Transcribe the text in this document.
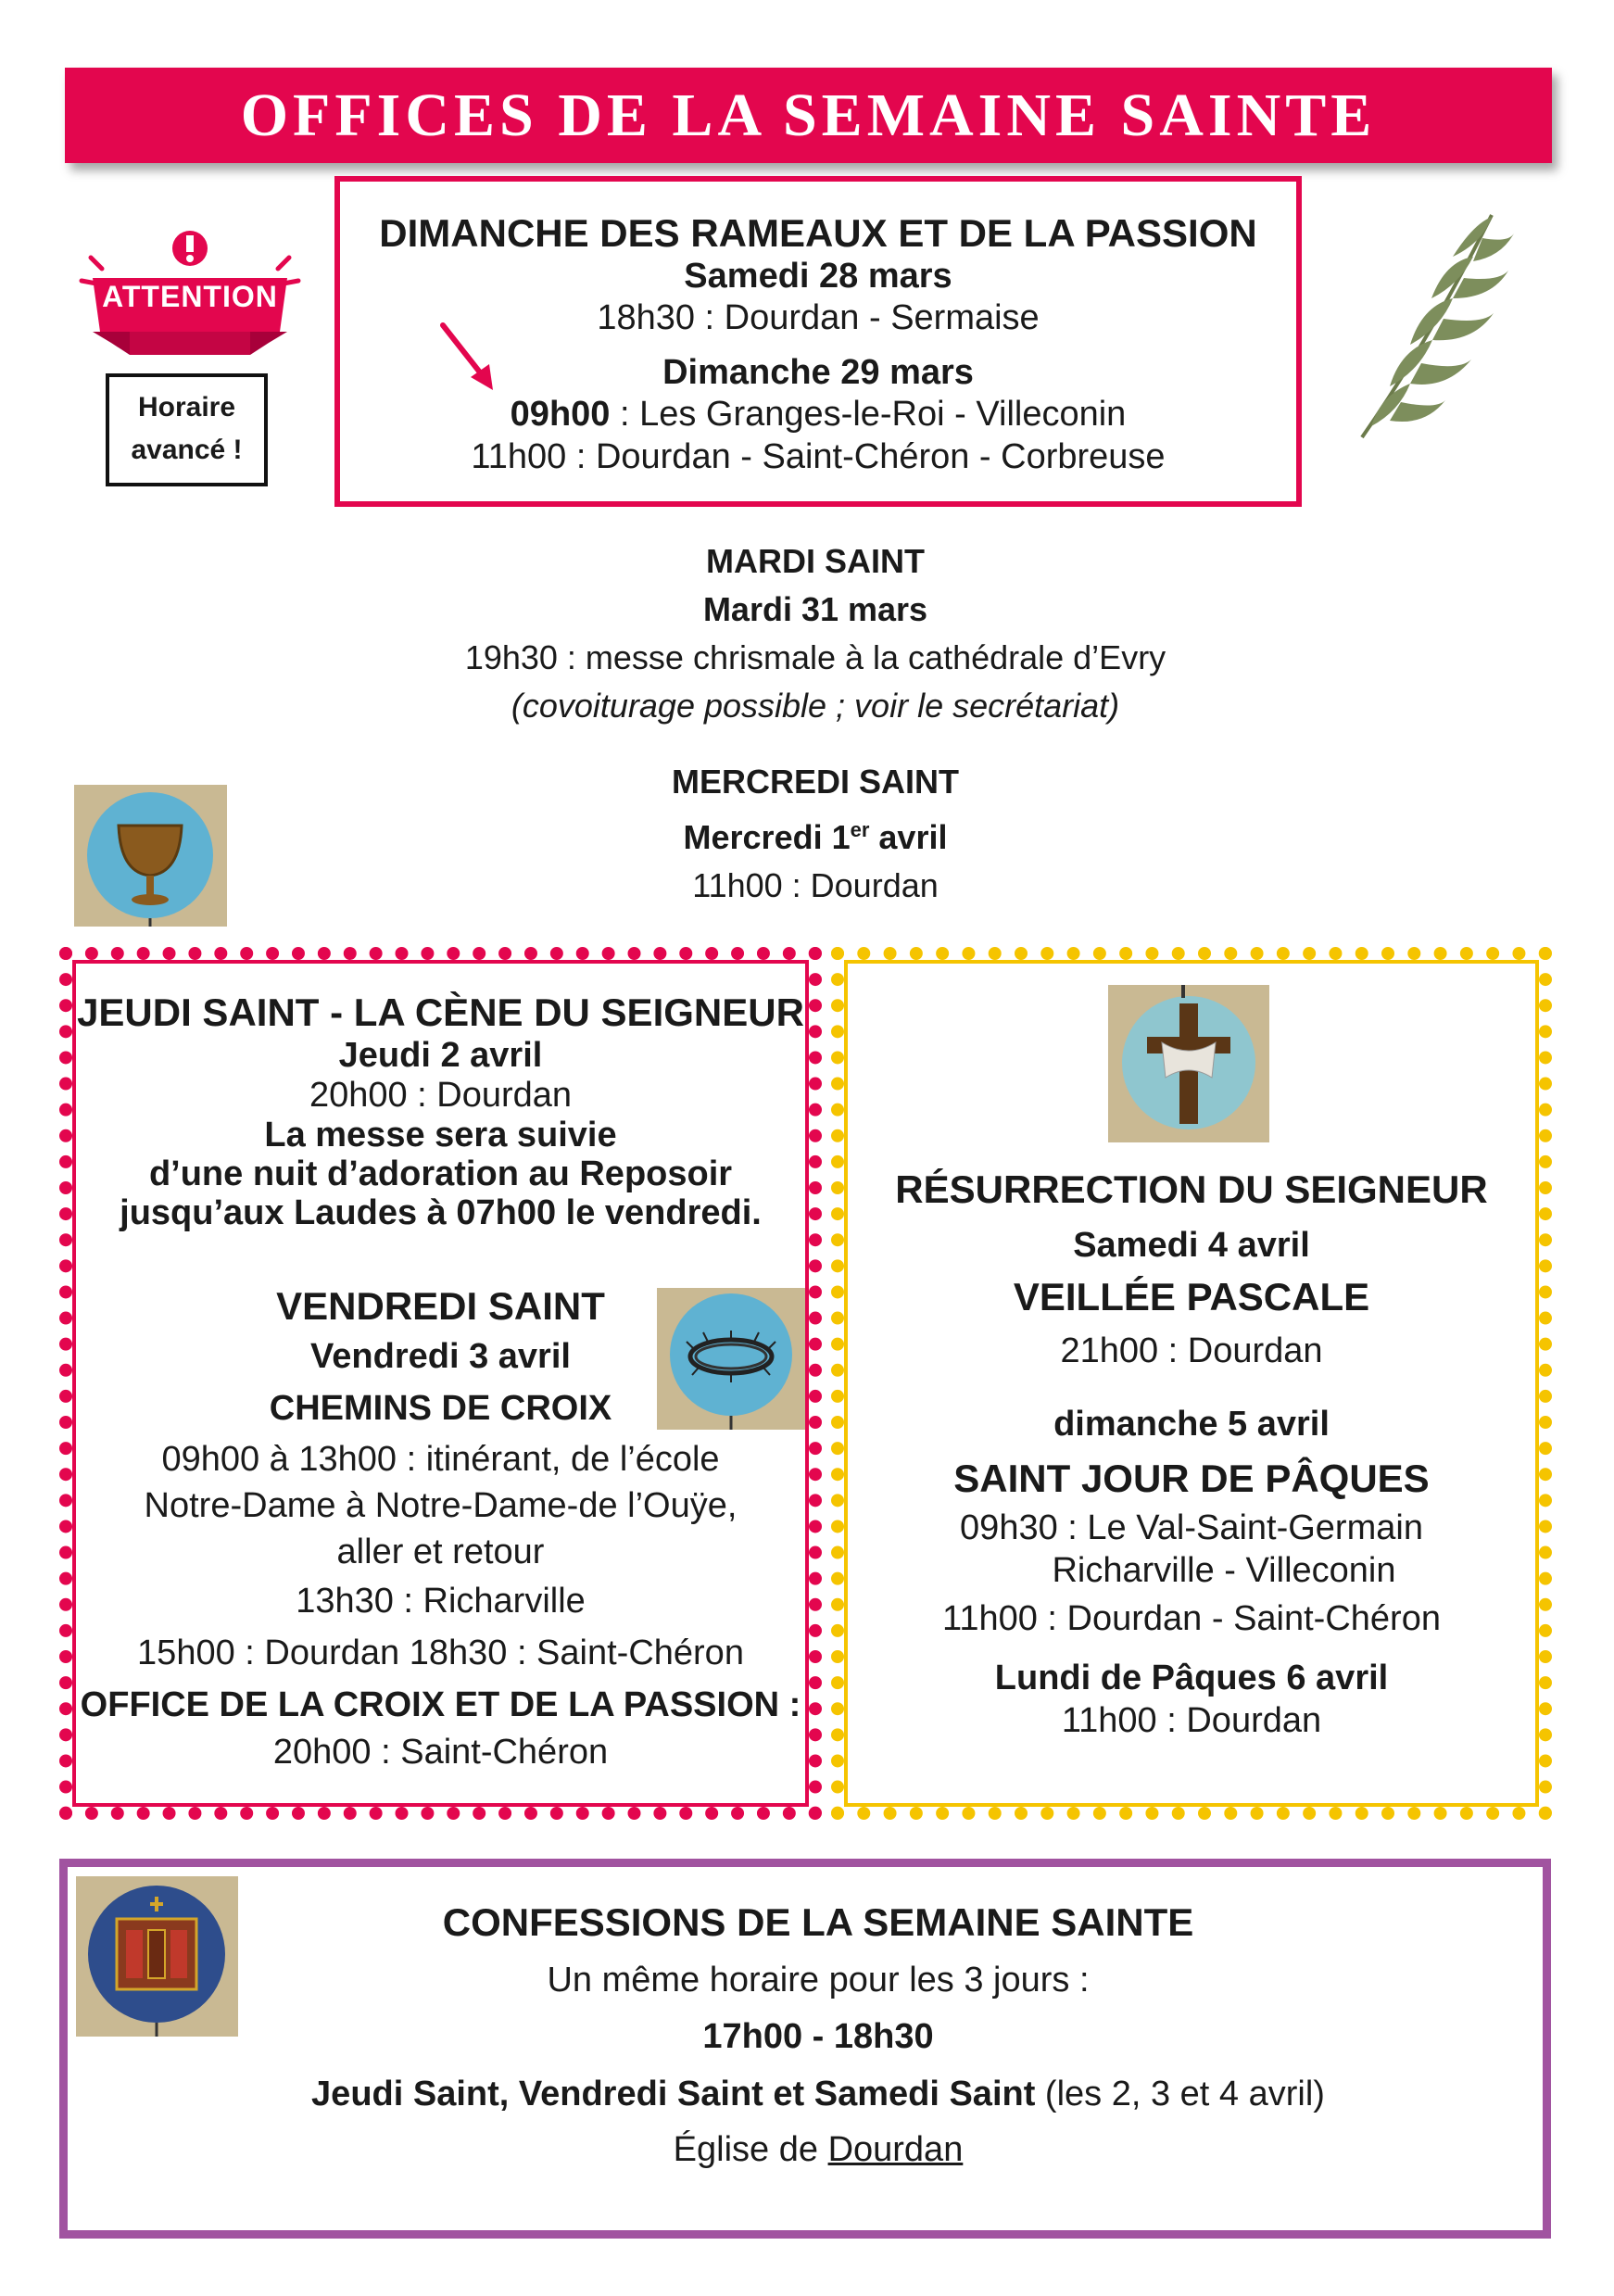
OFFICES DE LA SEMAINE SAINTE
ATTENTION
Horaire
avancé !
DIMANCHE DES RAMEAUX ET DE LA PASSION
Samedi 28 mars
18h30 : Dourdan - Sermaise
Dimanche 29 mars
09h00 : Les Granges-le-Roi - Villeconin
11h00 : Dourdan - Saint-Chéron - Corbreuse
MARDI SAINT
Mardi 31 mars
19h30 : messe chrismale à la cathédrale d’Evry
(covoiturage possible ; voir le secrétariat)
MERCREDI SAINT
Mercredi 1er avril
11h00 : Dourdan
JEUDI SAINT - LA CÈNE DU SEIGNEUR
Jeudi 2 avril
20h00 : Dourdan
La messe sera suivie
d’une nuit d’adoration au Reposoir
jusqu’aux Laudes à 07h00 le vendredi.
VENDREDI SAINT
Vendredi 3 avril
CHEMINS DE CROIX
09h00 à 13h00 : itinérant, de l’école
Notre-Dame à Notre-Dame-de l’Ouÿe,
aller et retour
13h30 : Richarville
15h00 : Dourdan 18h30 : Saint-Chéron
OFFICE DE LA CROIX ET DE LA PASSION :
20h00 : Saint-Chéron
RÉSURRECTION DU SEIGNEUR
Samedi 4 avril
VEILLÉE PASCALE
21h00 : Dourdan
dimanche 5 avril
SAINT JOUR DE PÂQUES
09h30 : Le Val-Saint-Germain
Richarville - Villeconin
11h00 : Dourdan - Saint-Chéron
Lundi de Pâques 6 avril
11h00 : Dourdan
CONFESSIONS DE LA SEMAINE SAINTE
Un même horaire pour les 3 jours :
17h00 - 18h30
Jeudi Saint, Vendredi Saint et Samedi Saint (les 2, 3 et 4 avril)
Église de Dourdan
